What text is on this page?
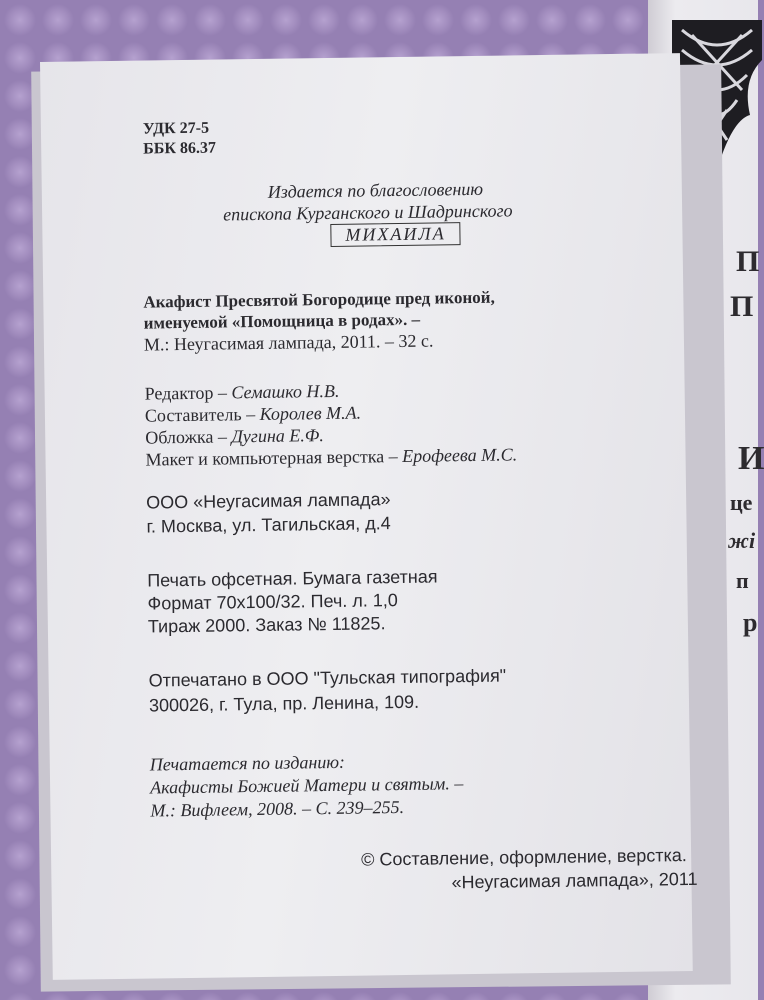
П
П
И
це
жі
п
р
УДК 27-5
ББК 86.37
Издается по благословению
епископа Курганского и Шадринского
МИХАИЛА
Акафист Пресвятой Богородице пред иконой,
именуемой «Помощница в родах». –
М.: Неугасимая лампада, 2011. – 32 с.
Редактор – Семашко Н.В.
Составитель – Королев М.А.
Обложка – Дугина Е.Ф.
Макет и компьютерная верстка – Ерофеева М.С.
ООО «Неугасимая лампада»
г. Москва, ул. Тагильская, д.4
Печать офсетная. Бумага газетная
Формат 70x100/32. Печ. л. 1,0
Тираж 2000. Заказ № 11825.
Отпечатано в ООО "Тульская типография"
300026, г. Тула, пр. Ленина, 109.
Печатается по изданию:
Акафисты Божией Матери и святым. –
М.: Вифлеем, 2008. – С. 239–255.
© Составление, оформление, верстка.
«Неугасимая лампада», 2011
